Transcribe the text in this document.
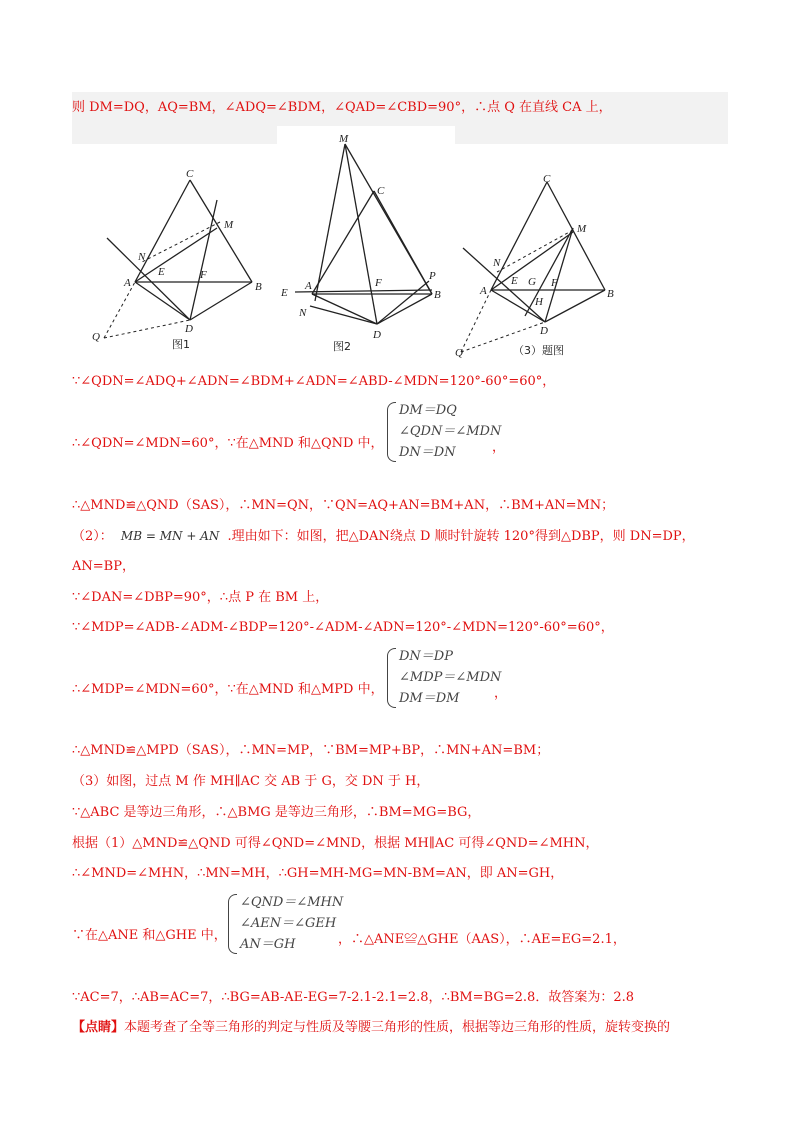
则 DM=DQ，AQ=BM，∠ADQ=∠BDM，∠QAD=∠CBD=90°，∴点 Q 在直线 CA 上，
C
M
N
A
E	F
B
D
Q
图1
M
C
A	F
P
E	B
N
D
图2
C
M
N
A
E G F
H
B
D
Q	（3）题图
∵∠QDN=∠ADQ+∠ADN=∠BDM+∠ADN=∠ABD-∠MDN=120°-60°=60°，
∴∠QDN=∠MDN=60°，∵在△MND 和△QND 中，
DM＝DQ
∠QDN＝∠MDN
DN＝DN	，
∴△MND≌△QND（SAS），∴MN=QN，∵QN=AQ+AN=BM+AN，∴BM+AN=MN；
（2）： MB = MN + AN .理由如下：如图，把△DAN绕点 D 顺时针旋转 120°得到△DBP，则 DN=DP，
AN=BP，
∵∠DAN=∠DBP=90°，∴点 P 在 BM 上，
∵∠MDP=∠ADB-∠ADM-∠BDP=120°-∠ADM-∠ADN=120°-∠MDN=120°-60°=60°，
∴∠MDP=∠MDN=60°，∵在△MND 和△MPD 中，
DN＝DP
∠MDP＝∠MDN
DM＝DM	，
∴△MND≌△MPD（SAS），∴MN=MP，∵BM=MP+BP，∴MN+AN=BM；
（3）如图，过点 M 作 MH∥AC 交 AB 于 G，交 DN 于 H，
∵△ABC 是等边三角形，∴△BMG 是等边三角形，∴BM=MG=BG，
根据（1）△MND≌△QND 可得∠QND=∠MND，根据 MH∥AC 可得∠QND=∠MHN，
∴∠MND=∠MHN，∴MN=MH，∴GH=MH-MG=MN-BM=AN，即 AN=GH，
∵在△ANE 和△GHE 中，
∠QND＝∠MHN
∠AEN＝∠GEH
AN＝GH	，∴△ANE≌△GHE（AAS），∴AE=EG=2.1，
∵AC=7，∴AB=AC=7，∴BG=AB-AE-EG=7-2.1-2.1=2.8，∴BM=BG=2.8．故答案为：2.8
【点睛】本题考查了全等三角形的判定与性质及等腰三角形的性质，根据等边三角形的性质，旋转变换的
